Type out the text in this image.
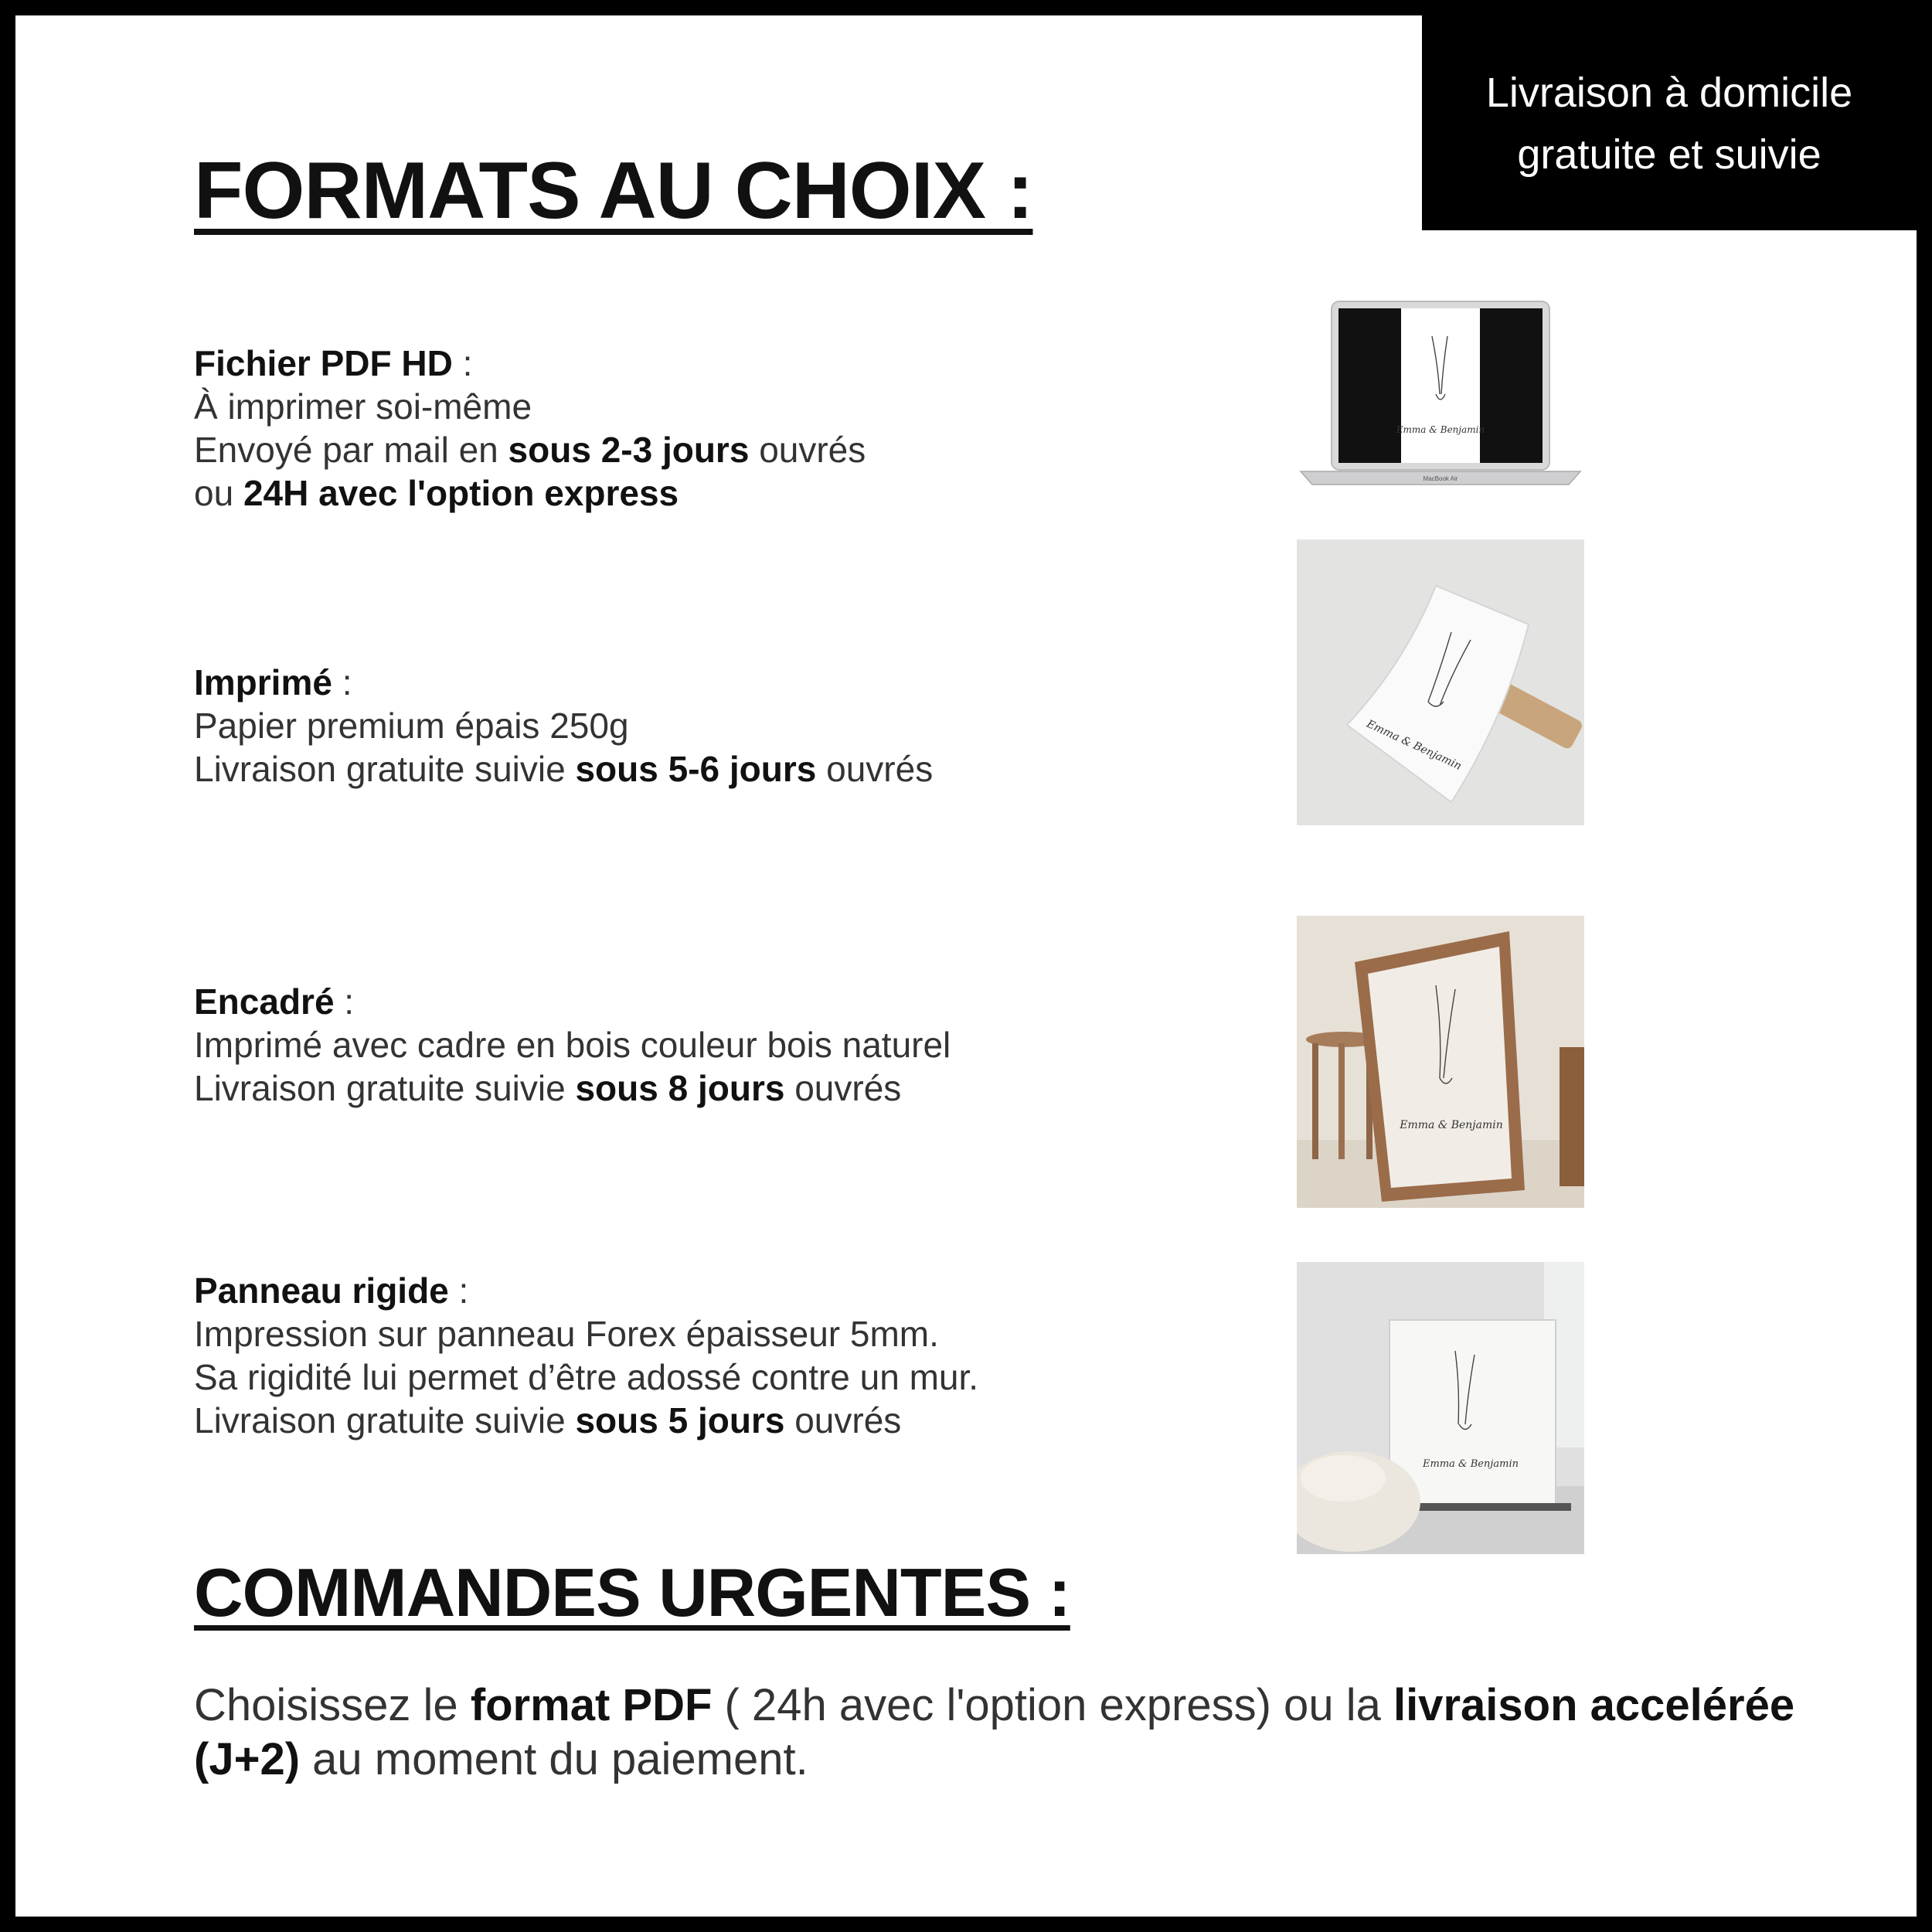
Livraison à domicile
gratuite et suivie
FORMATS AU CHOIX :
Fichier PDF HD :
À imprimer soi-même
Envoyé par mail en sous 2-3 jours ouvrés
ou 24H avec l'option express
Imprimé :
Papier premium épais 250g
Livraison gratuite suivie sous 5-6 jours ouvrés
Encadré :
Imprimé avec cadre en bois couleur bois naturel
Livraison gratuite suivie sous 8 jours ouvrés
Panneau rigide :
Impression sur panneau Forex épaisseur 5mm.
Sa rigidité lui permet d’être adossé contre un mur.
Livraison gratuite suivie sous 5 jours ouvrés
COMMANDES URGENTES :
Choisissez le format PDF ( 24h avec l'option express) ou la livraison accelérée (J+2) au moment du paiement.
Emma & Benjamin
MacBook Air
Emma & Benjamin
Emma & Benjamin
Emma & Benjamin
